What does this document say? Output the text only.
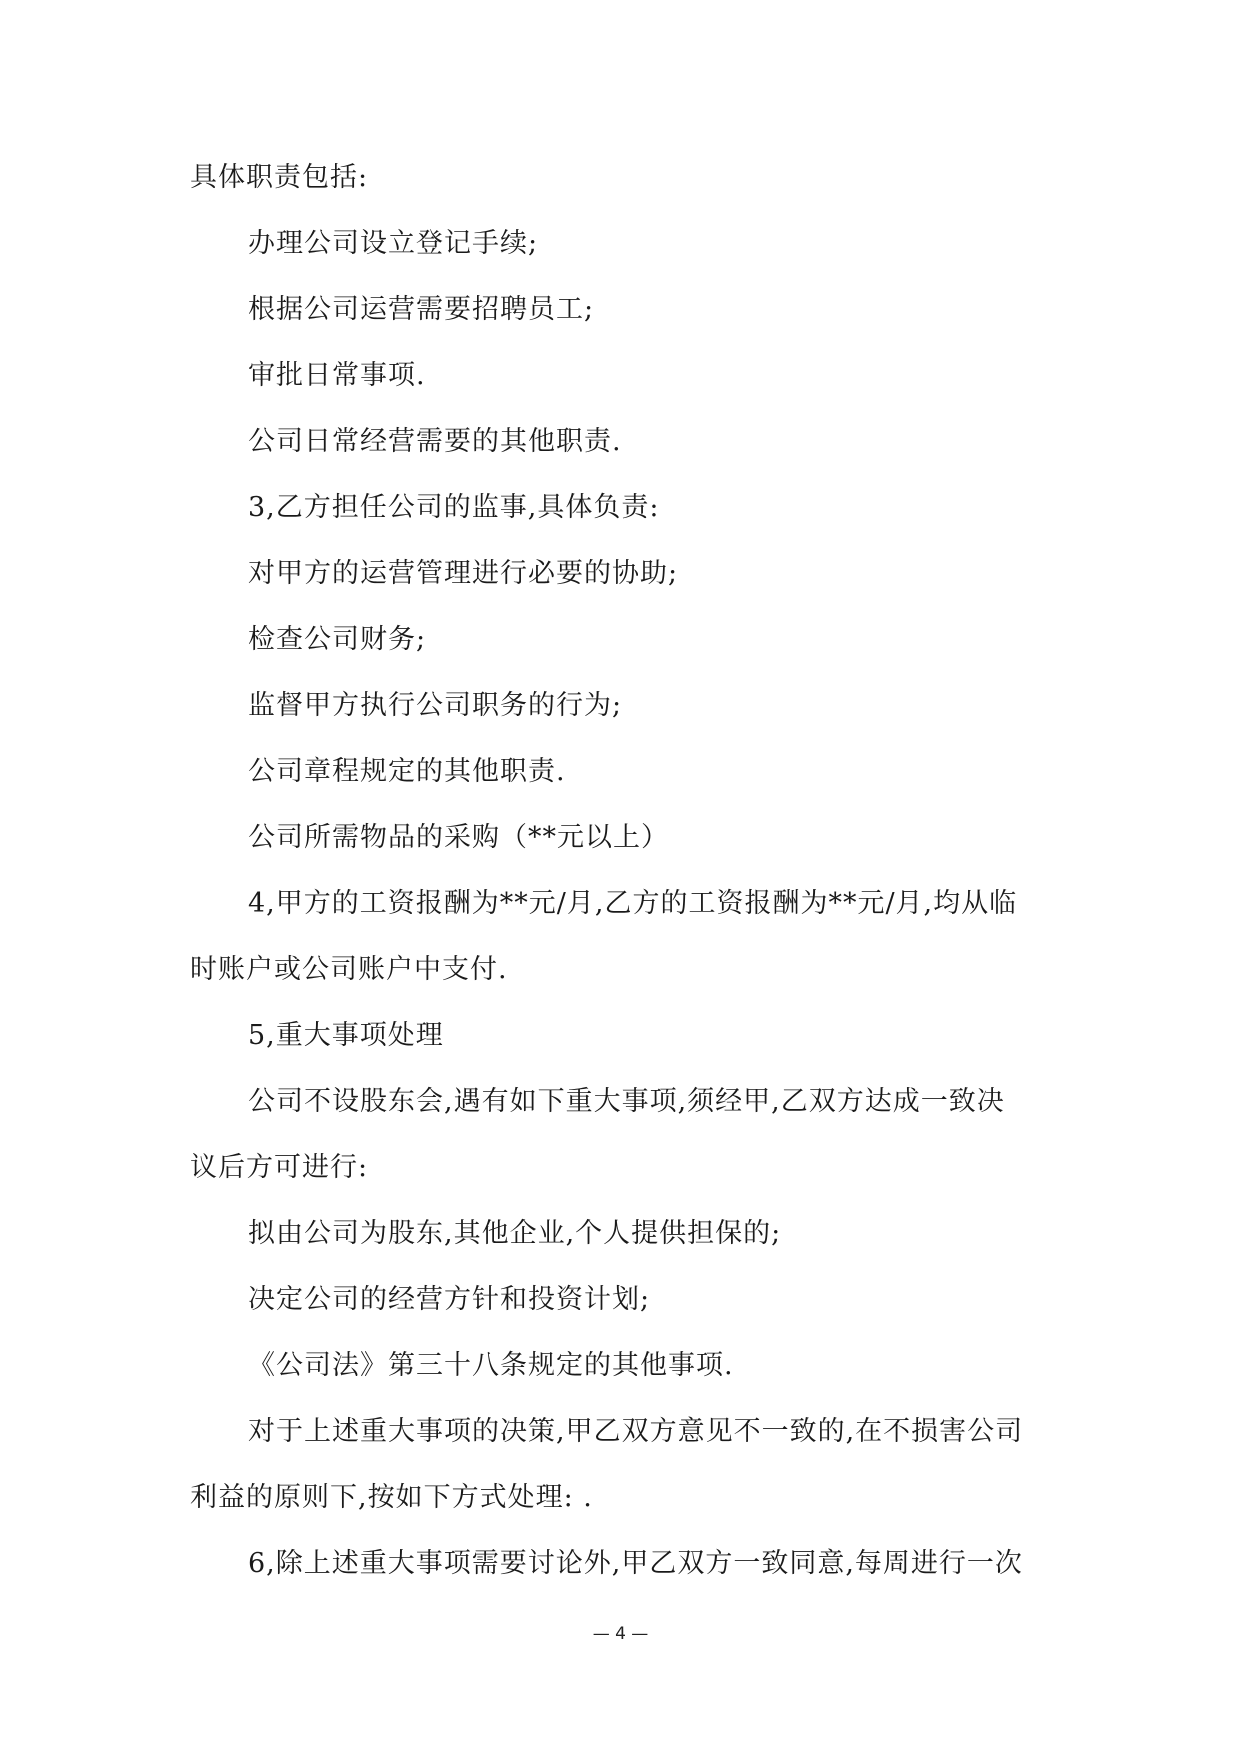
具体职责包括:
办理公司设立登记手续;
根据公司运营需要招聘员工;
审批日常事项.
公司日常经营需要的其他职责.
3,乙方担任公司的监事,具体负责:
对甲方的运营管理进行必要的协助;
检查公司财务;
监督甲方执行公司职务的行为;
公司章程规定的其他职责.
公司所需物品的采购（**元以上）
4,甲方的工资报酬为**元/月,乙方的工资报酬为**元/月,均从临
时账户或公司账户中支付.
5,重大事项处理
公司不设股东会,遇有如下重大事项,须经甲,乙双方达成一致决
议后方可进行:
拟由公司为股东,其他企业,个人提供担保的;
决定公司的经营方针和投资计划;
《公司法》第三十八条规定的其他事项.
对于上述重大事项的决策,甲乙双方意见不一致的,在不损害公司
利益的原则下,按如下方式处理: .
6,除上述重大事项需要讨论外,甲乙双方一致同意,每周进行一次
— 4 —
